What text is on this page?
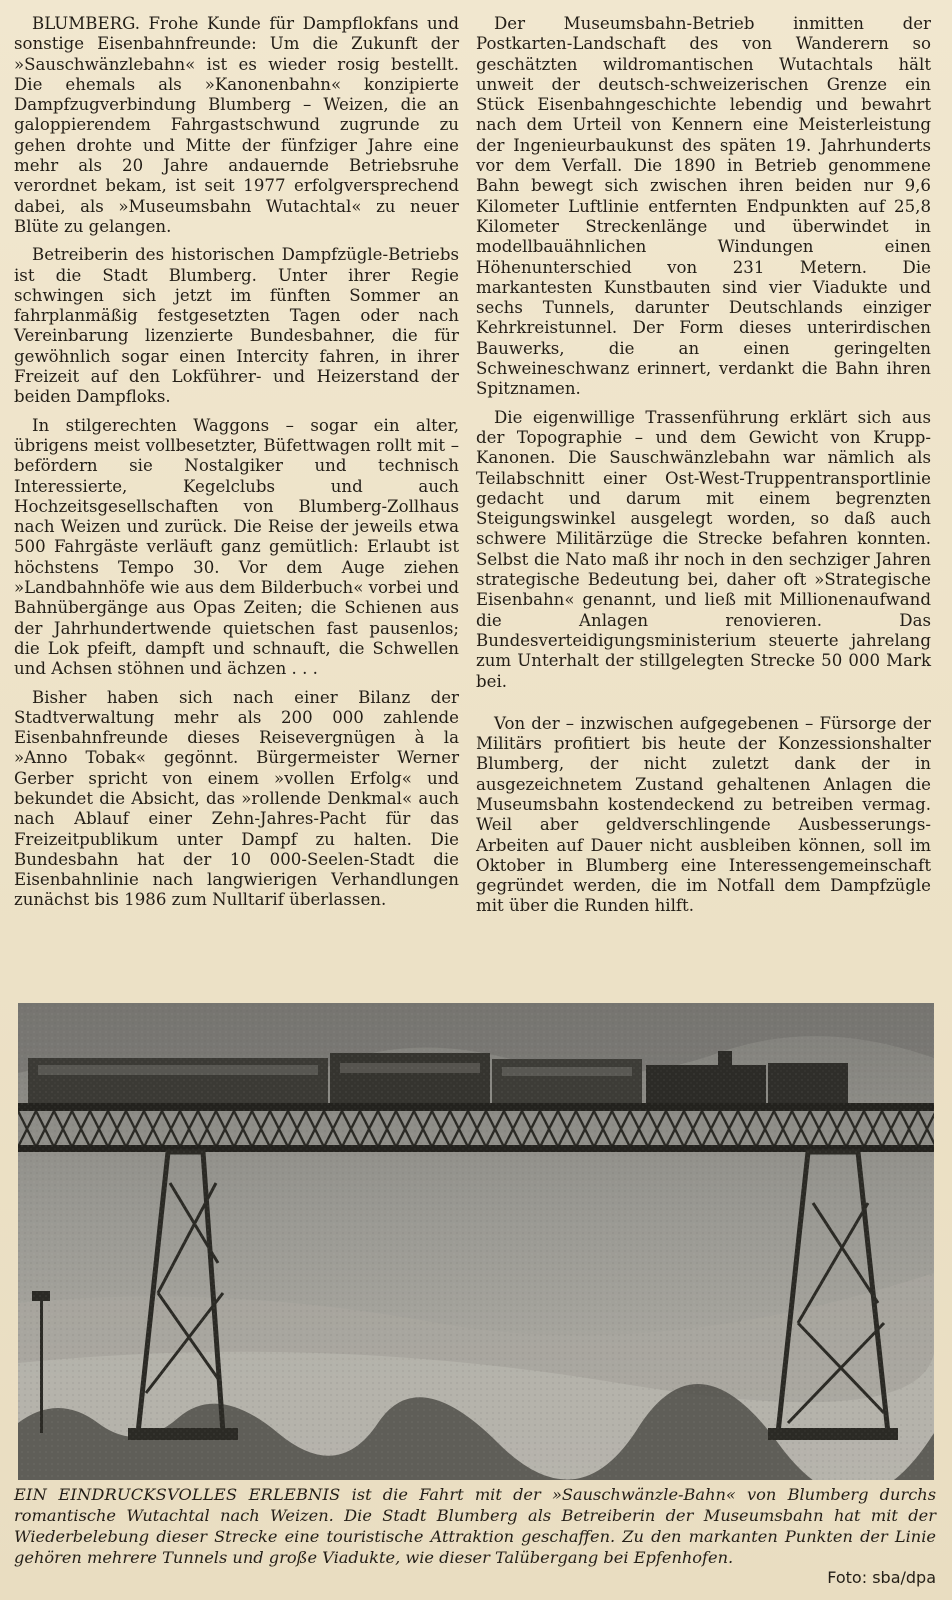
BLUMBERG. Frohe Kunde für Dampflokfans und sonstige Eisenbahnfreunde: Um die Zukunft der »Sauschwänzlebahn« ist es wieder rosig bestellt. Die ehemals als »Kanonenbahn« konzipierte Dampfzugverbindung Blumberg – Weizen, die an galoppierendem Fahrgastschwund zugrunde zu gehen drohte und Mitte der fünfziger Jahre eine mehr als 20 Jahre andauernde Betriebsruhe verordnet bekam, ist seit 1977 erfolgversprechend dabei, als »Museumsbahn Wutachtal« zu neuer Blüte zu gelangen.

Betreiberin des historischen Dampfzügle-Betriebs ist die Stadt Blumberg. Unter ihrer Regie schwingen sich jetzt im fünften Sommer an fahrplanmäßig festgesetzten Tagen oder nach Vereinbarung lizenzierte Bundesbahner, die für gewöhnlich sogar einen Intercity fahren, in ihrer Freizeit auf den Lokführer- und Heizerstand der beiden Dampfloks.

In stilgerechten Waggons – sogar ein alter, übrigens meist vollbesetzter, Büfettwagen rollt mit – befördern sie Nostalgiker und technisch Interessierte, Kegelclubs und auch Hochzeitsgesellschaften von Blumberg-Zollhaus nach Weizen und zurück. Die Reise der jeweils etwa 500 Fahrgäste verläuft ganz gemütlich: Erlaubt ist höchstens Tempo 30. Vor dem Auge ziehen »Landbahnhöfe wie aus dem Bilderbuch« vorbei und Bahnübergänge aus Opas Zeiten; die Schienen aus der Jahrhundertwende quietschen fast pausenlos; die Lok pfeift, dampft und schnauft, die Schwellen und Achsen stöhnen und ächzen . . .

Bisher haben sich nach einer Bilanz der Stadtverwaltung mehr als 200 000 zahlende Eisenbahnfreunde dieses Reisevergnügen à la »Anno Tobak« gegönnt. Bürgermeister Werner Gerber spricht von einem »vollen Erfolg« und bekundet die Absicht, das »rollende Denkmal« auch nach Ablauf einer Zehn-Jahres-Pacht für das Freizeitpublikum unter Dampf zu halten. Die Bundesbahn hat der 10 000-Seelen-Stadt die Eisenbahnlinie nach langwierigen Verhandlungen zunächst bis 1986 zum Nulltarif überlassen.

Der Museumsbahn-Betrieb inmitten der Postkarten-Landschaft des von Wanderern so geschätzten wildromantischen Wutachtals hält unweit der deutsch-schweizerischen Grenze ein Stück Eisenbahngeschichte lebendig und bewahrt nach dem Urteil von Kennern eine Meisterleistung der Ingenieurbaukunst des späten 19. Jahrhunderts vor dem Verfall. Die 1890 in Betrieb genommene Bahn bewegt sich zwischen ihren beiden nur 9,6 Kilometer Luftlinie entfernten Endpunkten auf 25,8 Kilometer Streckenlänge und überwindet in modellbauähnlichen Windungen einen Höhenunterschied von 231 Metern. Die markantesten Kunstbauten sind vier Viadukte und sechs Tunnels, darunter Deutschlands einziger Kehrkreistunnel. Der Form dieses unterirdischen Bauwerks, die an einen geringelten Schweineschwanz erinnert, verdankt die Bahn ihren Spitznamen.

Die eigenwillige Trassenführung erklärt sich aus der Topographie – und dem Gewicht von Krupp-Kanonen. Die Sauschwänzlebahn war nämlich als Teilabschnitt einer Ost-West-Truppentransportlinie gedacht und darum mit einem begrenzten Steigungswinkel ausgelegt worden, so daß auch schwere Militärzüge die Strecke befahren konnten. Selbst die Nato maß ihr noch in den sechziger Jahren strategische Bedeutung bei, daher oft »Strategische Eisenbahn« genannt, und ließ mit Millionenaufwand die Anlagen renovieren. Das Bundesverteidigungsministerium steuerte jahrelang zum Unterhalt der stillgelegten Strecke 50 000 Mark bei.

Von der – inzwischen aufgegebenen – Fürsorge der Militärs profitiert bis heute der Konzessionshalter Blumberg, der nicht zuletzt dank der in ausgezeichnetem Zustand gehaltenen Anlagen die Museumsbahn kostendeckend zu betreiben vermag. Weil aber geldverschlingende Ausbesserungs-Arbeiten auf Dauer nicht ausbleiben können, soll im Oktober in Blumberg eine Interessengemeinschaft gegründet werden, die im Notfall dem Dampfzügle mit über die Runden hilft.

EIN EINDRUCKSVOLLES ERLEBNIS ist die Fahrt mit der »Sauschwänzle-Bahn« von Blumberg durchs romantische Wutachtal nach Weizen. Die Stadt Blumberg als Betreiberin der Museumsbahn hat mit der Wiederbelebung dieser Strecke eine touristische Attraktion geschaffen. Zu den markanten Punkten der Linie gehören mehrere Tunnels und große Viadukte, wie dieser Talübergang bei Epfenhofen.
Foto: sba/dpa
